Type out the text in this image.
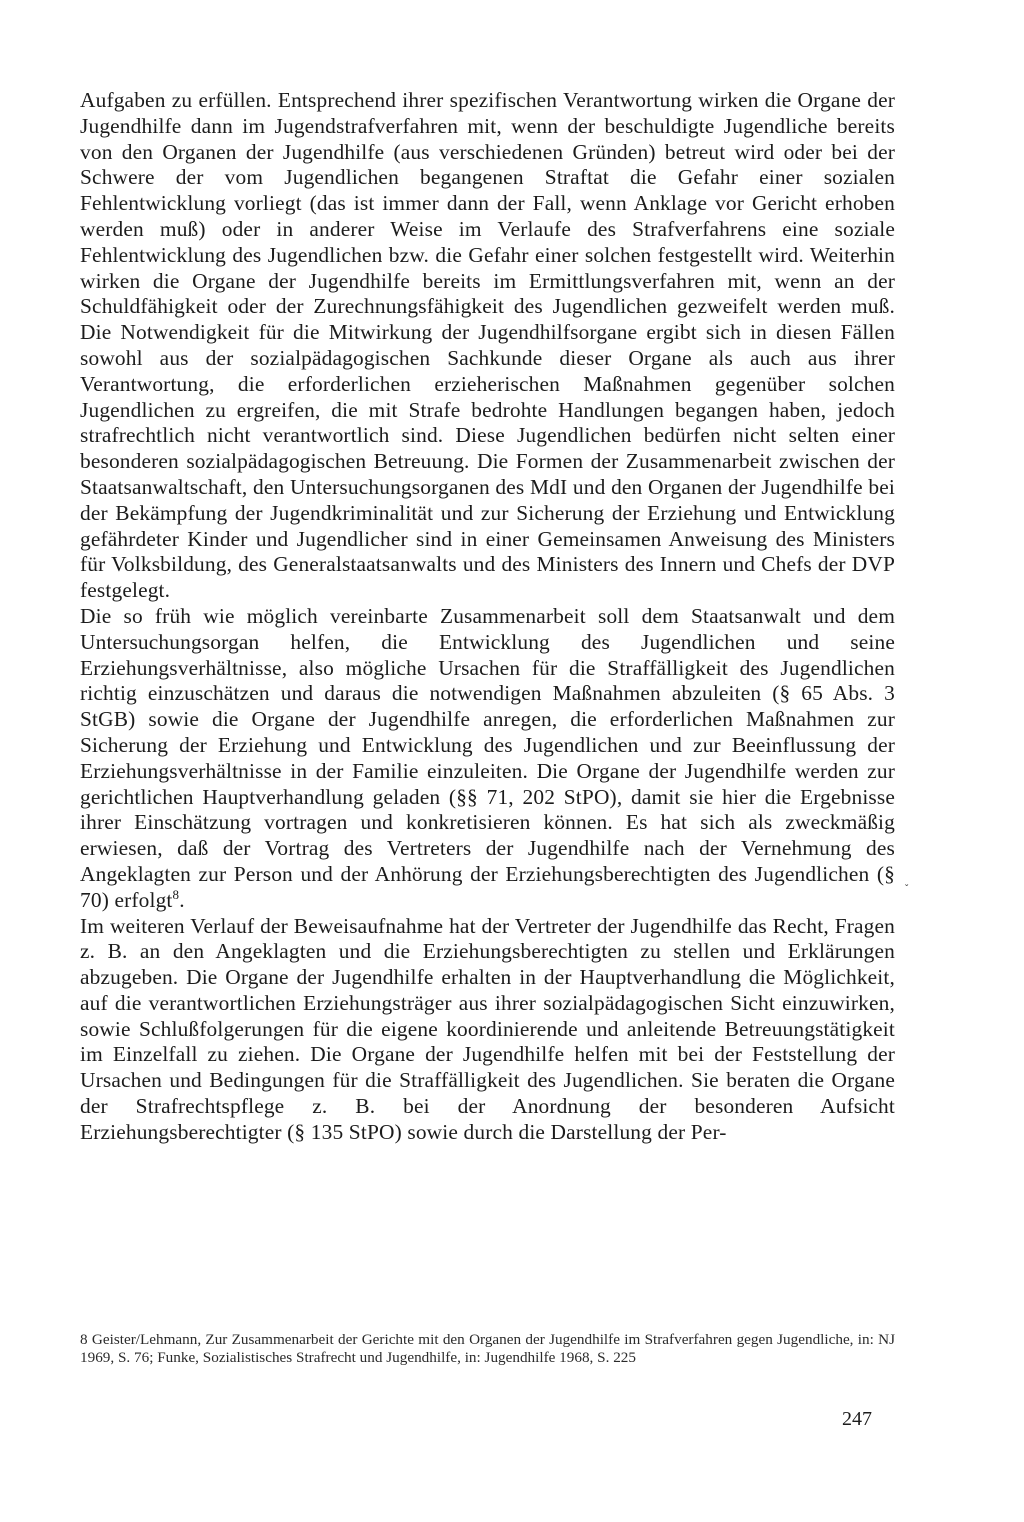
Aufgaben zu erfüllen. Entsprechend ihrer spezifischen Verantwortung wirken die Organe der Jugendhilfe dann im Jugendstrafverfahren mit, wenn der beschuldigte Jugendliche bereits von den Organen der Jugendhilfe (aus verschiedenen Gründen) betreut wird oder bei der Schwere der vom Jugendlichen begangenen Straftat die Gefahr einer sozialen Fehlentwicklung vorliegt (das ist immer dann der Fall, wenn Anklage vor Gericht erhoben werden muß) oder in anderer Weise im Verlaufe des Strafverfahrens eine soziale Fehlentwicklung des Jugendlichen bzw. die Gefahr einer solchen festgestellt wird. Weiterhin wirken die Organe der Jugendhilfe bereits im Ermittlungsverfahren mit, wenn an der Schuldfähigkeit oder der Zurechnungsfähigkeit des Jugendlichen gezweifelt werden muß. Die Notwendigkeit für die Mitwirkung der Jugendhilfsorgane ergibt sich in diesen Fällen sowohl aus der sozialpädagogischen Sachkunde dieser Organe als auch aus ihrer Verantwortung, die erforderlichen erzieherischen Maßnahmen gegenüber solchen Jugendlichen zu ergreifen, die mit Strafe bedrohte Handlungen begangen haben, jedoch strafrechtlich nicht verantwortlich sind. Diese Jugendlichen bedürfen nicht selten einer besonderen sozialpädagogischen Betreuung. Die Formen der Zusammenarbeit zwischen der Staatsanwaltschaft, den Untersuchungsorganen des MdI und den Organen der Jugendhilfe bei der Bekämpfung der Jugendkriminalität und zur Sicherung der Erziehung und Entwicklung gefährdeter Kinder und Jugendlicher sind in einer Gemeinsamen Anweisung des Ministers für Volksbildung, des Generalstaatsanwalts und des Ministers des Innern und Chefs der DVP festgelegt.

Die so früh wie möglich vereinbarte Zusammenarbeit soll dem Staatsanwalt und dem Untersuchungsorgan helfen, die Entwicklung des Jugendlichen und seine Erziehungsverhältnisse, also mögliche Ursachen für die Straffälligkeit des Jugendlichen richtig einzuschätzen und daraus die notwendigen Maßnahmen abzuleiten (§ 65 Abs. 3 StGB) sowie die Organe der Jugendhilfe anregen, die erforderlichen Maßnahmen zur Sicherung der Erziehung und Entwicklung des Jugendlichen und zur Beeinflussung der Erziehungsverhältnisse in der Familie einzuleiten. Die Organe der Jugendhilfe werden zur gerichtlichen Hauptverhandlung geladen (§§ 71, 202 StPO), damit sie hier die Ergebnisse ihrer Einschätzung vortragen und konkretisieren können. Es hat sich als zweckmäßig erwiesen, daß der Vortrag des Vertreters der Jugendhilfe nach der Vernehmung des Angeklagten zur Person und der Anhörung der Erziehungsberechtigten des Jugendlichen (§ 70) erfolgt$^8$.

Im weiteren Verlauf der Beweisaufnahme hat der Vertreter der Jugendhilfe das Recht, Fragen z. B. an den Angeklagten und die Erziehungsberechtigten zu stellen und Erklärungen abzugeben. Die Organe der Jugendhilfe erhalten in der Hauptverhandlung die Möglichkeit, auf die verantwortlichen Erziehungsträger aus ihrer sozialpädagogischen Sicht einzuwirken, sowie Schlußfolgerungen für die eigene koordinierende und anleitende Betreuungstätigkeit im Einzelfall zu ziehen. Die Organe der Jugendhilfe helfen mit bei der Feststellung der Ursachen und Bedingungen für die Straffälligkeit des Jugendlichen. Sie beraten die Organe der Strafrechtspflege z. B. bei der Anordnung der besonderen Aufsicht Erziehungsberechtigter (§ 135 StPO) sowie durch die Darstellung der Per-

˯

8 Geister/Lehmann, Zur Zusammenarbeit der Gerichte mit den Organen der Jugendhilfe im Strafverfahren gegen Jugendliche, in: NJ 1969, S. 76; Funke, Sozialistisches Strafrecht und Jugendhilfe, in: Jugendhilfe 1968, S. 225

247
